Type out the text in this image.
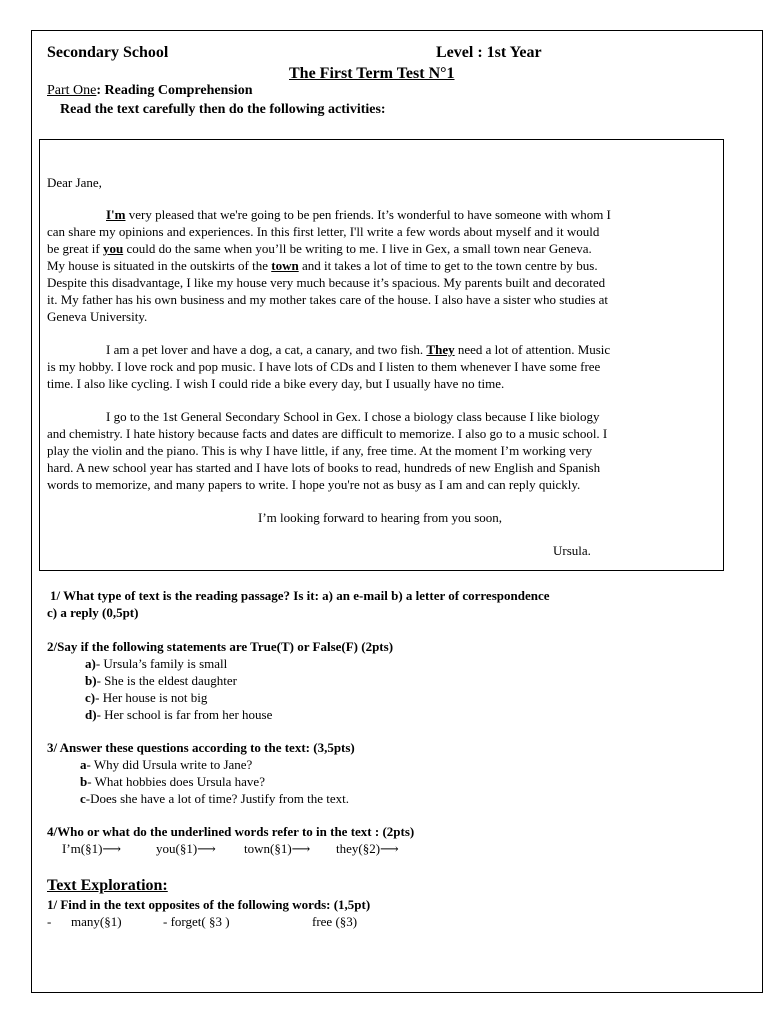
Secondary School	Level : 1st Year
The First Term Test N°1
Part One: Reading Comprehension
Read the text carefully then do the following activities:
Dear Jane,
I'm very pleased that we're going to be pen friends. It’s wonderful to have someone with whom I
can share my opinions and experiences. In this first letter, I'll write a few words about myself and it would
be great if you could do the same when you’ll be writing to me. I live in Gex, a small town near Geneva.
My house is situated in the outskirts of the town and it takes a lot of time to get to the town centre by bus.
Despite this disadvantage, I like my house very much because it’s spacious. My parents built and decorated
it. My father has his own business and my mother takes care of the house. I also have a sister who studies at
Geneva University.
I am a pet lover and have a dog, a cat, a canary, and two fish. They need a lot of attention. Music
is my hobby. I love rock and pop music. I have lots of CDs and I listen to them whenever I have some free
time. I also like cycling. I wish I could ride a bike every day, but I usually have no time.
I go to the 1st General Secondary School in Gex. I chose a biology class because I like biology
and chemistry. I hate history because facts and dates are difficult to memorize. I also go to a music school. I
play the violin and the piano. This is why I have little, if any, free time. At the moment I’m working very
hard. A new school year has started and I have lots of books to read, hundreds of new English and Spanish
words to memorize, and many papers to write. I hope you're not as busy as I am and can reply quickly.
I’m looking forward to hearing from you soon,
Ursula.
1/ What type of text is the reading passage? Is it: a) an e-mail b) a letter of correspondence
c) a reply (0,5pt)
2/Say if the following statements are True(T) or False(F) (2pts)
a)- Ursula’s family is small
b)- She is the eldest daughter
c)- Her house is not big
d)- Her school is far from her house
3/ Answer these questions according to the text: (3,5pts)
a- Why did Ursula write to Jane?
b- What hobbies does Ursula have?
c-Does she have a lot of time? Justify from the text.
4/Who or what do the underlined words refer to in the text : (2pts)
I’m(§1)⟶	you(§1)⟶ town(§1)⟶ they(§2)⟶
Text Exploration:
1/ Find in the text opposites of the following words: (1,5pt)
- many(§1)	- forget( §3 )	free (§3)
